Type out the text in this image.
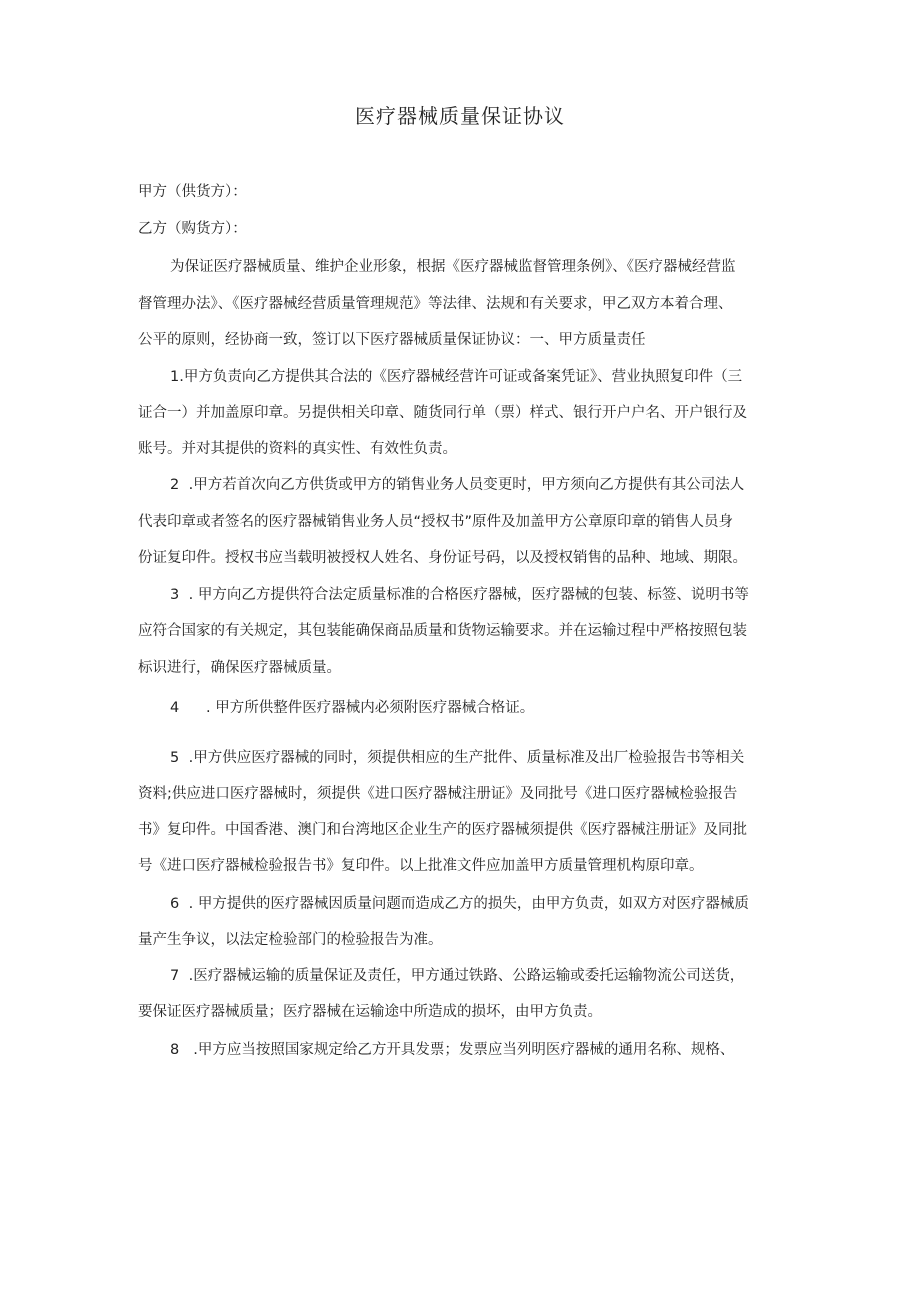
医疗器械质量保证协议
甲方（供货方）：
乙方（购货方）：
为保证医疗器械质量、维护企业形象，根据《医疗器械监督管理条例》、《医疗器械经营监
督管理办法》、《医疗器械经营质量管理规范》等法律、法规和有关要求，甲乙双方本着合理、
公平的原则，经协商一致，签订以下医疗器械质量保证协议：一、甲方质量责任
1.甲方负责向乙方提供其合法的《医疗器械经营许可证或备案凭证》、营业执照复印件（三
证合一）并加盖原印章。另提供相关印章、随货同行单（票）样式、银行开户户名、开户银行及
账号。并对其提供的资料的真实性、有效性负责。
2 .甲方若首次向乙方供货或甲方的销售业务人员变更时，甲方须向乙方提供有其公司法人
代表印章或者签名的医疗器械销售业务人员“授权书”原件及加盖甲方公章原印章的销售人员身
份证复印件。授权书应当载明被授权人姓名、身份证号码，以及授权销售的品种、地域、期限。
3 . 甲方向乙方提供符合法定质量标准的合格医疗器械，医疗器械的包装、标签、说明书等
应符合国家的有关规定，其包装能确保商品质量和货物运输要求。并在运输过程中严格按照包装
标识进行，确保医疗器械质量。
4 . 甲方所供整件医疗器械内必须附医疗器械合格证。
5 .甲方供应医疗器械的同时，须提供相应的生产批件、质量标准及出厂检验报告书等相关
资料;供应进口医疗器械时，须提供《进口医疗器械注册证》及同批号《进口医疗器械检验报告
书》复印件。中国香港、澳门和台湾地区企业生产的医疗器械须提供《医疗器械注册证》及同批
号《进口医疗器械检验报告书》复印件。以上批准文件应加盖甲方质量管理机构原印章。
6 . 甲方提供的医疗器械因质量问题而造成乙方的损失，由甲方负责，如双方对医疗器械质
量产生争议，以法定检验部门的检验报告为准。
7 .医疗器械运输的质量保证及责任，甲方通过铁路、公路运输或委托运输物流公司送货，
要保证医疗器械质量；医疗器械在运输途中所造成的损坏，由甲方负责。
8 .甲方应当按照国家规定给乙方开具发票；发票应当列明医疗器械的通用名称、规格、
